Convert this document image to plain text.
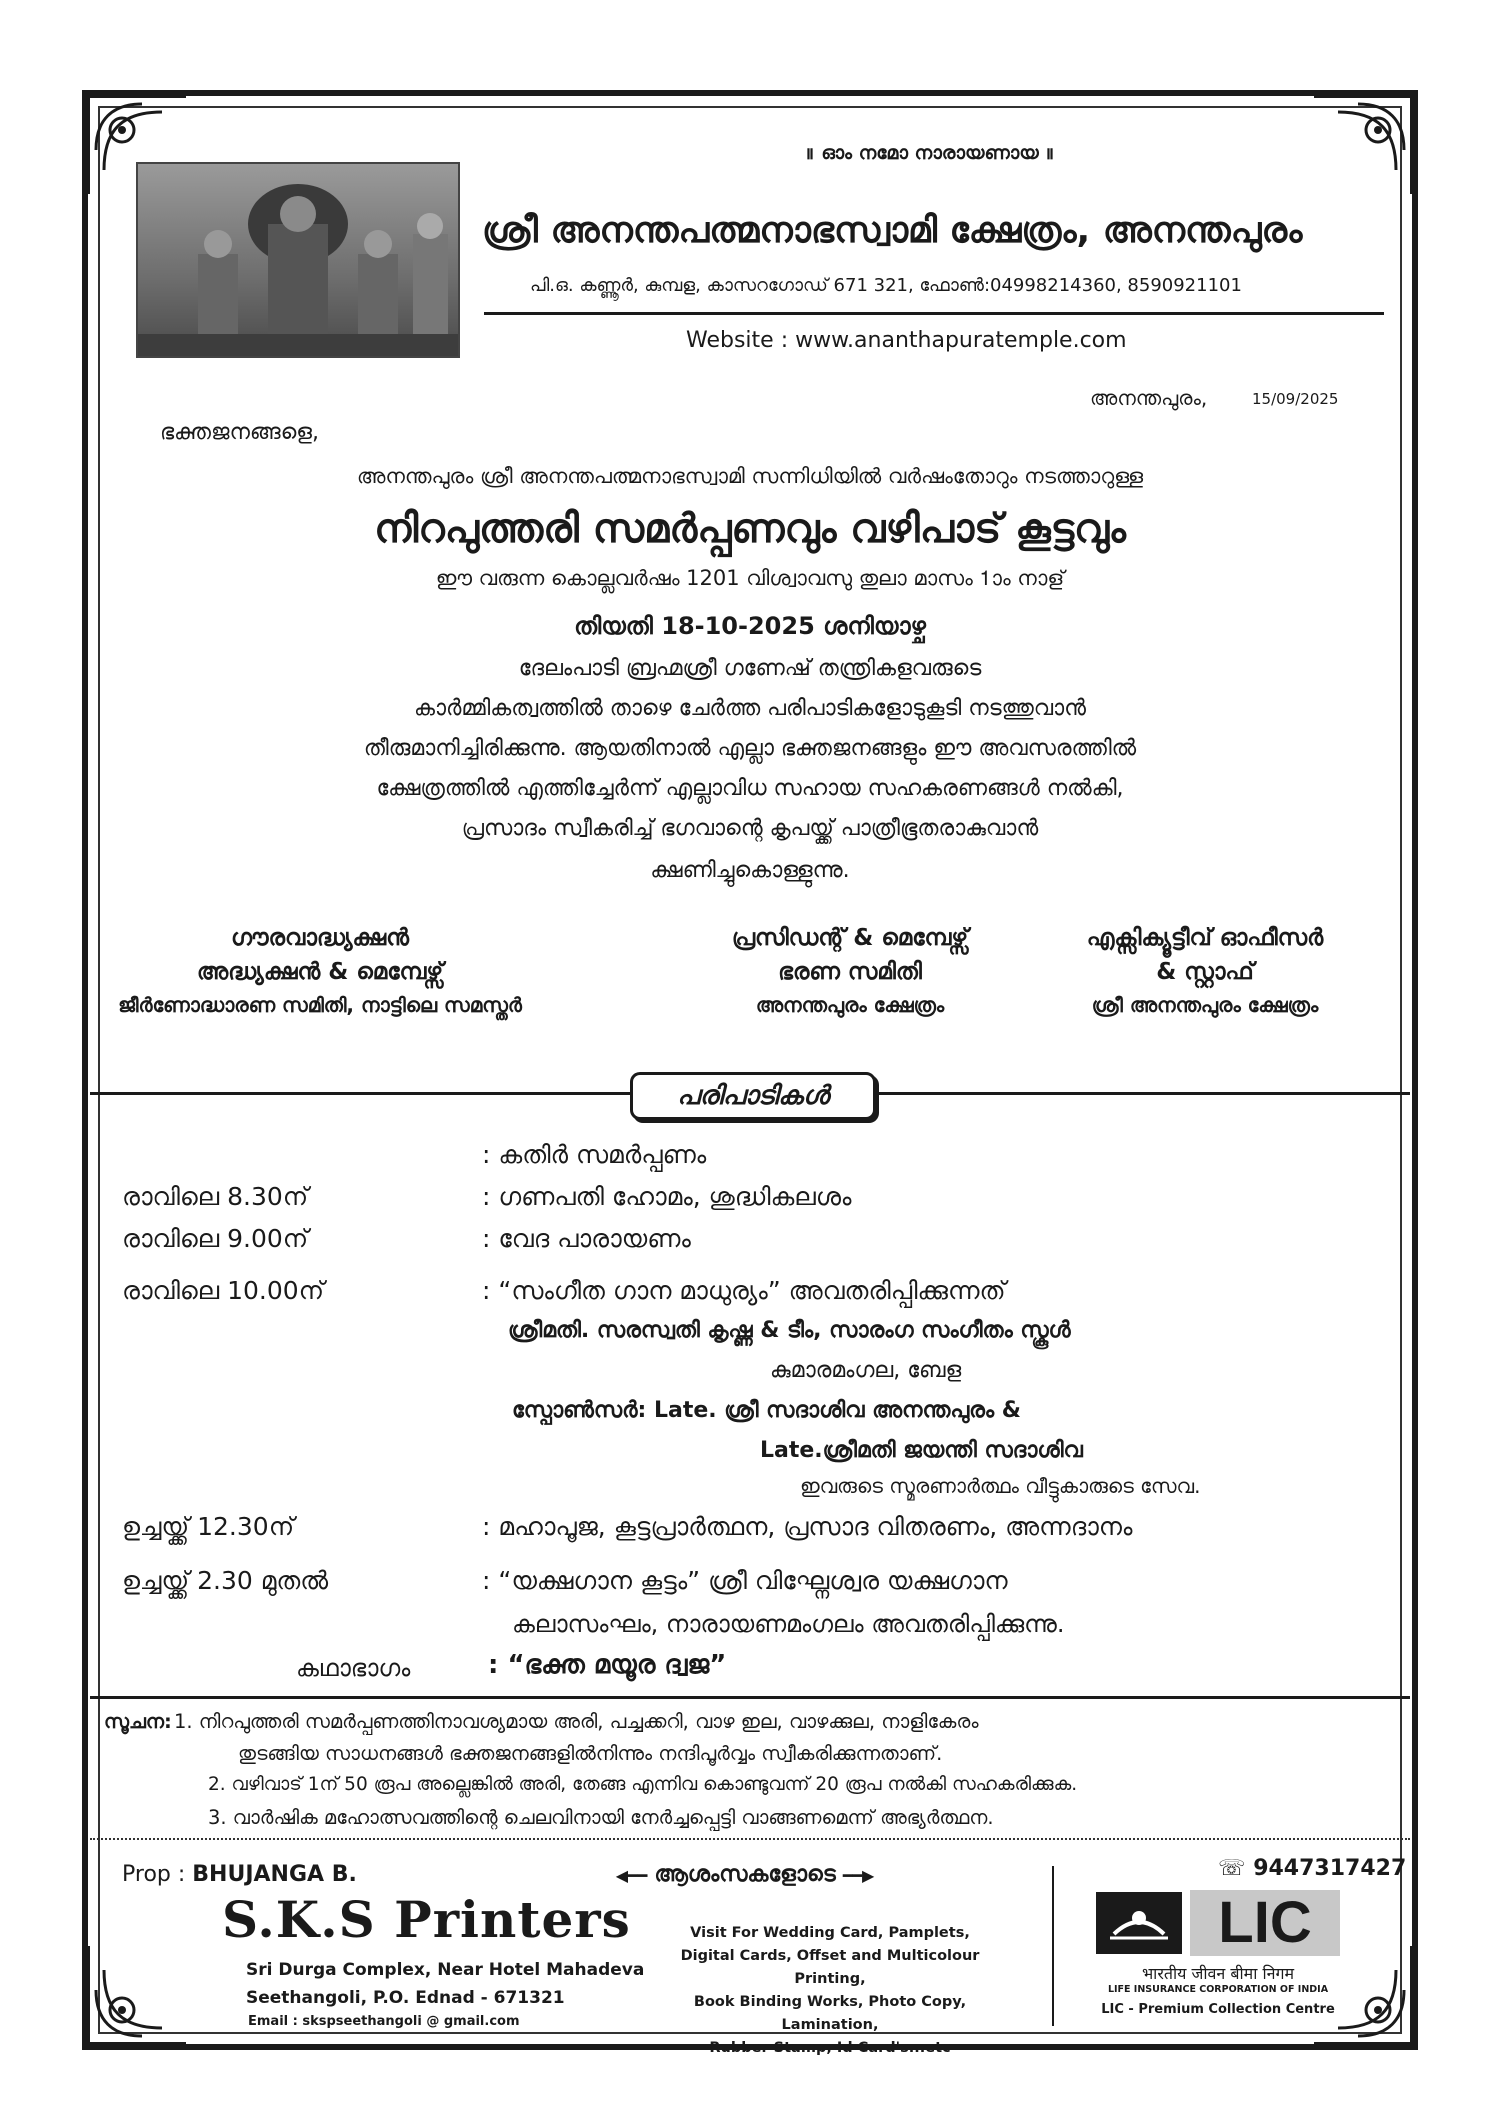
॥ ഓം നമോ നാരായണായ ॥
ശ്രീ അനന്തപത്മനാഭസ്വാമി ക്ഷേത്രം, അനന്തപുരം
പി.ഒ. കണ്ണൂർ, കുമ്പള, കാസറഗോഡ് 671 321, ഫോൺ:04998214360, 8590921101
Website : www.ananthapuratemple.com
അനന്തപുരം,	15/09/2025
ഭക്തജനങ്ങളെ,
അനന്തപുരം ശ്രീ അനന്തപത്മനാഭസ്വാമി സന്നിധിയിൽ വർഷംതോറും നടത്താറുള്ള
നിറപുത്തരി സമർപ്പണവും വഴിപാട് കൂട്ടവും
ഈ വരുന്ന കൊല്ലവർഷം 1201 വിശ്വാവസു തുലാ മാസം 1ാം നാള്
തിയതി 18-10-2025 ശനിയാഴ്ച
ദേലംപാടി ബ്രഹ്മശ്രീ ഗണേഷ് തന്ത്രികളവരുടെ
കാർമ്മികത്വത്തിൽ താഴെ ചേർത്ത പരിപാടികളോടുകൂടി നടത്തുവാൻ
തീരുമാനിച്ചിരിക്കുന്നു. ആയതിനാൽ എല്ലാ ഭക്തജനങ്ങളും ഈ അവസരത്തിൽ
ക്ഷേത്രത്തിൽ എത്തിച്ചേർന്ന് എല്ലാവിധ സഹായ സഹകരണങ്ങൾ നൽകി,
പ്രസാദം സ്വീകരിച്ച് ഭഗവാന്റെ കൃപയ്ക്ക് പാത്രീഭൂതരാകുവാൻ
ക്ഷണിച്ചുകൊള്ളുന്നു.
ഗൗരവാദ്ധ്യക്ഷൻ
അദ്ധ്യക്ഷൻ & മെമ്പേഴ്സ്
ജീർണോദ്ധാരണ സമിതി, നാട്ടിലെ സമസ്തർ
പ്രസിഡന്റ് & മെമ്പേഴ്സ്
ഭരണ സമിതി
അനന്തപുരം ക്ഷേത്രം
എക്സിക്യൂട്ടീവ് ഓഫീസർ
& സ്റ്റാഫ്
ശ്രീ അനന്തപുരം ക്ഷേത്രം
പരിപാടികൾ
: കതിർ സമർപ്പണം
രാവിലെ 8.30ന്	: ഗണപതി ഹോമം, ശുദ്ധികലശം
രാവിലെ 9.00ന്	: വേദ പാരായണം
രാവിലെ 10.00ന്	: “സംഗീത ഗാന മാധുര്യം” അവതരിപ്പിക്കുന്നത്
ശ്രീമതി. സരസ്വതി കൃഷ്ണ & ടീം, സാരംഗ സംഗീതം സ്കൂൾ
കുമാരമംഗല, ബേള
സ്പോൺസർ: Late. ശ്രീ സദാശിവ അനന്തപുരം &
Late.ശ്രീമതി ജയന്തി സദാശിവ
ഇവരുടെ സ്മരണാർത്ഥം വീട്ടുകാരുടെ സേവ.
ഉച്ചയ്ക്ക് 12.30ന്	: മഹാപൂജ, കൂട്ടപ്രാർത്ഥന, പ്രസാദ വിതരണം, അന്നദാനം
ഉച്ചയ്ക്ക് 2.30 മുതൽ	: “യക്ഷഗാന കൂട്ടം” ശ്രീ വിഘ്നേശ്വര യക്ഷഗാന
കലാസംഘം, നാരായണമംഗലം അവതരിപ്പിക്കുന്നു.
കഥാഭാഗം	: “ഭക്ത മയൂര ദ്വജ”
സൂചന: 1. നിറപുത്തരി സമർപ്പണത്തിനാവശ്യമായ അരി, പച്ചക്കറി, വാഴ ഇല, വാഴക്കുല, നാളികേരം
തുടങ്ങിയ സാധനങ്ങൾ ഭക്തജനങ്ങളിൽനിന്നും നന്ദിപൂർവ്വം സ്വീകരിക്കുന്നതാണ്.
2. വഴിവാട് 1ന് 50 രൂപ അല്ലെങ്കിൽ അരി, തേങ്ങ എന്നിവ കൊണ്ടുവന്ന് 20 രൂപ നൽകി സഹകരിക്കുക.
3. വാർഷിക മഹോത്സവത്തിന്റെ ചെലവിനായി നേർച്ചപ്പെട്ടി വാങ്ങണമെന്ന് അഭ്യർത്ഥന.
Prop : BHUJANGA B.	◀━━ ആശംസകളോടെ ━━▶	☏ 9447317427
S.K.S Printers
Sri Durga Complex, Near Hotel Mahadeva
Seethangoli, P.O. Ednad - 671321
Email : skspseethangoli @ gmail.com
Visit For Wedding Card, Pamplets,
Digital Cards, Offset and Multicolour Printing,
Book Binding Works, Photo Copy, Lamination,
Rubber Stamp, Id Card's...etc
LIC
भारतीय जीवन बीमा निगम
LIFE INSURANCE CORPORATION OF INDIA
LIC - Premium Collection Centre
